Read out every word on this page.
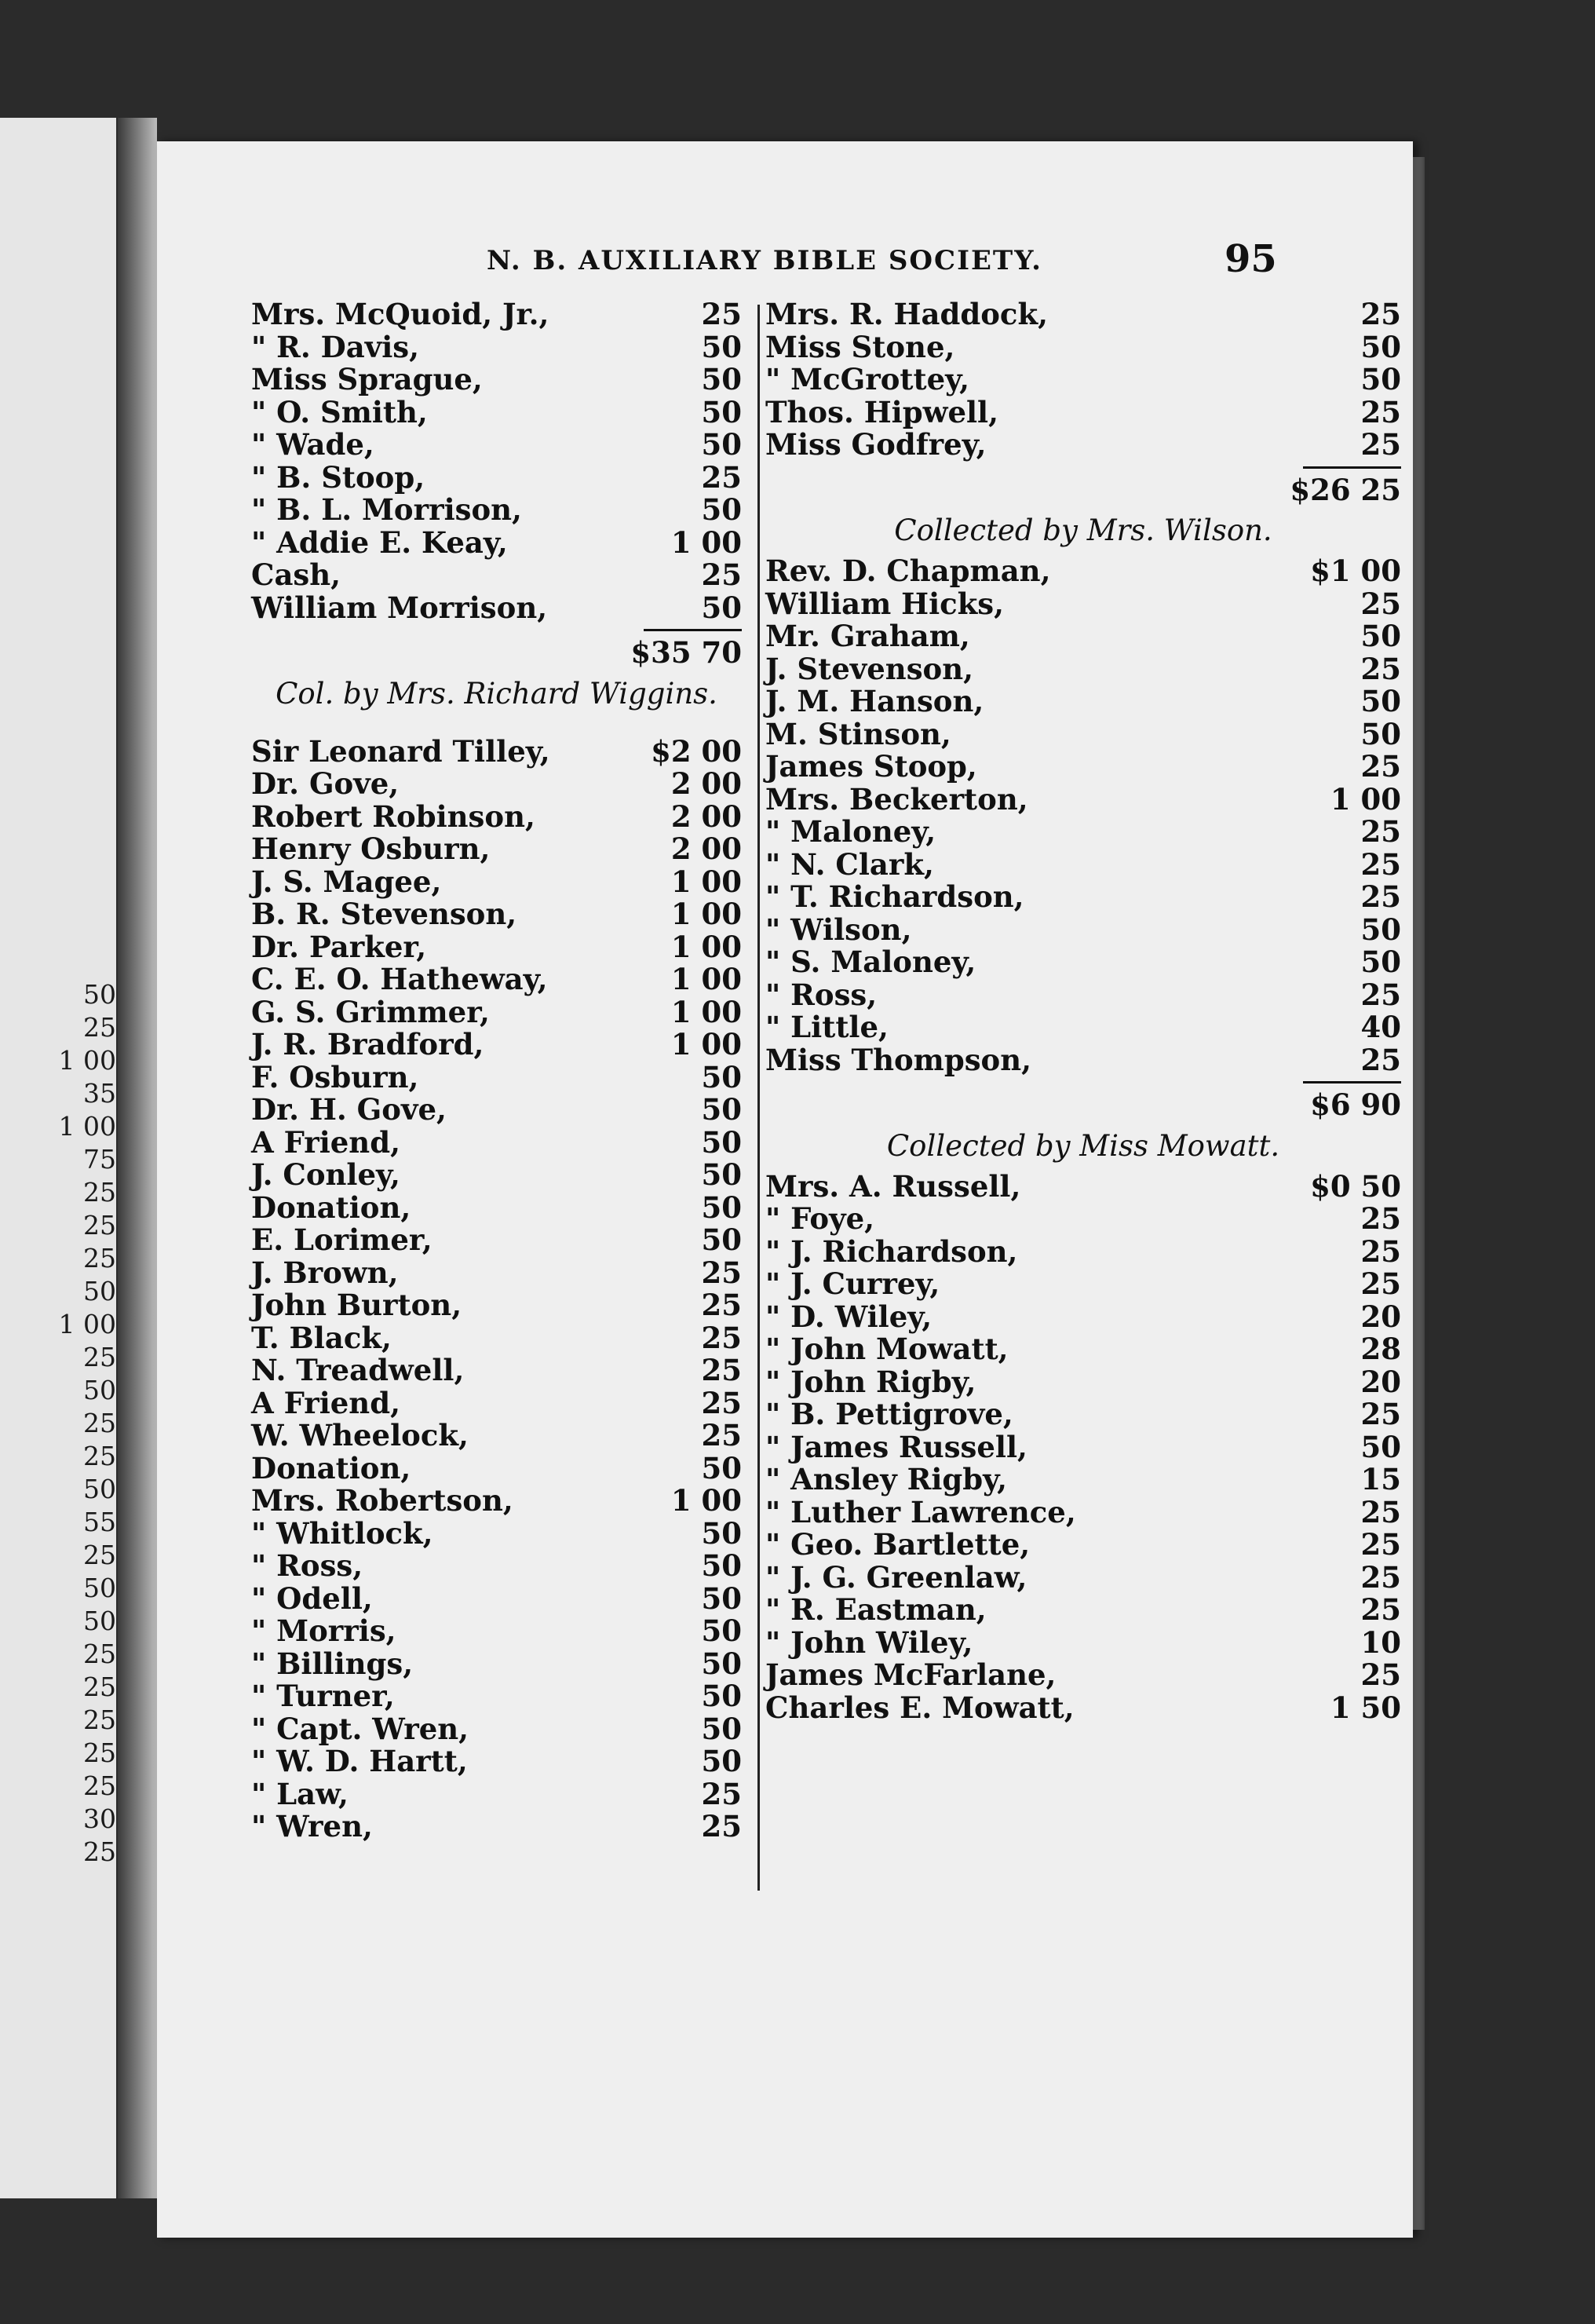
50
25
1 00
35
1 00
75
25
25
25
50
1 00
25
50
25
25
50
55
25
50
50
25
25
25
25
25
30
25
N. B. AUXILIARY BIBLE SOCIETY.	95
Mrs. McQuoid, Jr.,	25
" R. Davis,	50
Miss Sprague,	50
" O. Smith,	50
" Wade,	50
" B. Stoop,	25
" B. L. Morrison,	50
" Addie E. Keay,	1 00
Cash,	25
William Morrison,	50
$35 70
Col. by Mrs. Richard Wiggins.
Sir Leonard Tilley,	$2 00
Dr. Gove,	2 00
Robert Robinson,	2 00
Henry Osburn,	2 00
J. S. Magee,	1 00
B. R. Stevenson,	1 00
Dr. Parker,	1 00
C. E. O. Hatheway,	1 00
G. S. Grimmer,	1 00
J. R. Bradford,	1 00
F. Osburn,	50
Dr. H. Gove,	50
A Friend,	50
J. Conley,	50
Donation,	50
E. Lorimer,	50
J. Brown,	25
John Burton,	25
T. Black,	25
N. Treadwell,	25
A Friend,	25
W. Wheelock,	25
Donation,	50
Mrs. Robertson,	1 00
" Whitlock,	50
" Ross,	50
" Odell,	50
" Morris,	50
" Billings,	50
" Turner,	50
" Capt. Wren,	50
" W. D. Hartt,	50
" Law,	25
" Wren,	25
Mrs. R. Haddock,	25
Miss Stone,	50
" McGrottey,	50
Thos. Hipwell,	25
Miss Godfrey,	25
$26 25
Collected by Mrs. Wilson.
Rev. D. Chapman,	$1 00
William Hicks,	25
Mr. Graham,	50
J. Stevenson,	25
J. M. Hanson,	50
M. Stinson,	50
James Stoop,	25
Mrs. Beckerton,	1 00
" Maloney,	25
" N. Clark,	25
" T. Richardson,	25
" Wilson,	50
" S. Maloney,	50
" Ross,	25
" Little,	40
Miss Thompson,	25
$6 90
Collected by Miss Mowatt.
Mrs. A. Russell,	$0 50
" Foye,	25
" J. Richardson,	25
" J. Currey,	25
" D. Wiley,	20
" John Mowatt,	28
" John Rigby,	20
" B. Pettigrove,	25
" James Russell,	50
" Ansley Rigby,	15
" Luther Lawrence,	25
" Geo. Bartlette,	25
" J. G. Greenlaw,	25
" R. Eastman,	25
" John Wiley,	10
James McFarlane,	25
Charles E. Mowatt,	1 50
